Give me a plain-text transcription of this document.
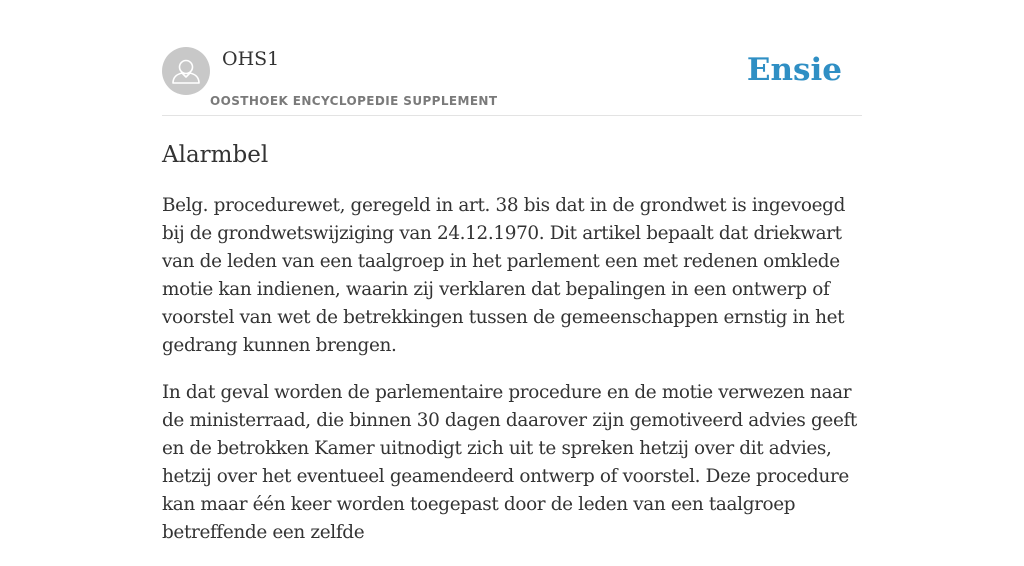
OHS1
OOSTHOEK ENCYCLOPEDIE SUPPLEMENT
Ensie
Alarmbel

Belg. procedurewet, geregeld in art. 38 bis dat in de grondwet is ingevoegd bij de grondwetswijziging van 24.12.1970. Dit artikel bepaalt dat driekwart van de leden van een taalgroep in het parlement een met redenen omklede motie kan indienen, waarin zij verklaren dat bepalingen in een ontwerp of voorstel van wet de betrekkingen tussen de gemeenschappen ernstig in het gedrang kunnen brengen.

In dat geval worden de parlementaire procedure en de motie verwezen naar de ministerraad, die binnen 30 dagen daarover zijn gemotiveerd advies geeft en de betrokken Kamer uitnodigt zich uit te spreken hetzij over dit advies, hetzij over het eventueel geamendeerd ontwerp of voorstel. Deze procedure kan maar één keer worden toegepast door de leden van een taalgroep betreffende een zelfde
